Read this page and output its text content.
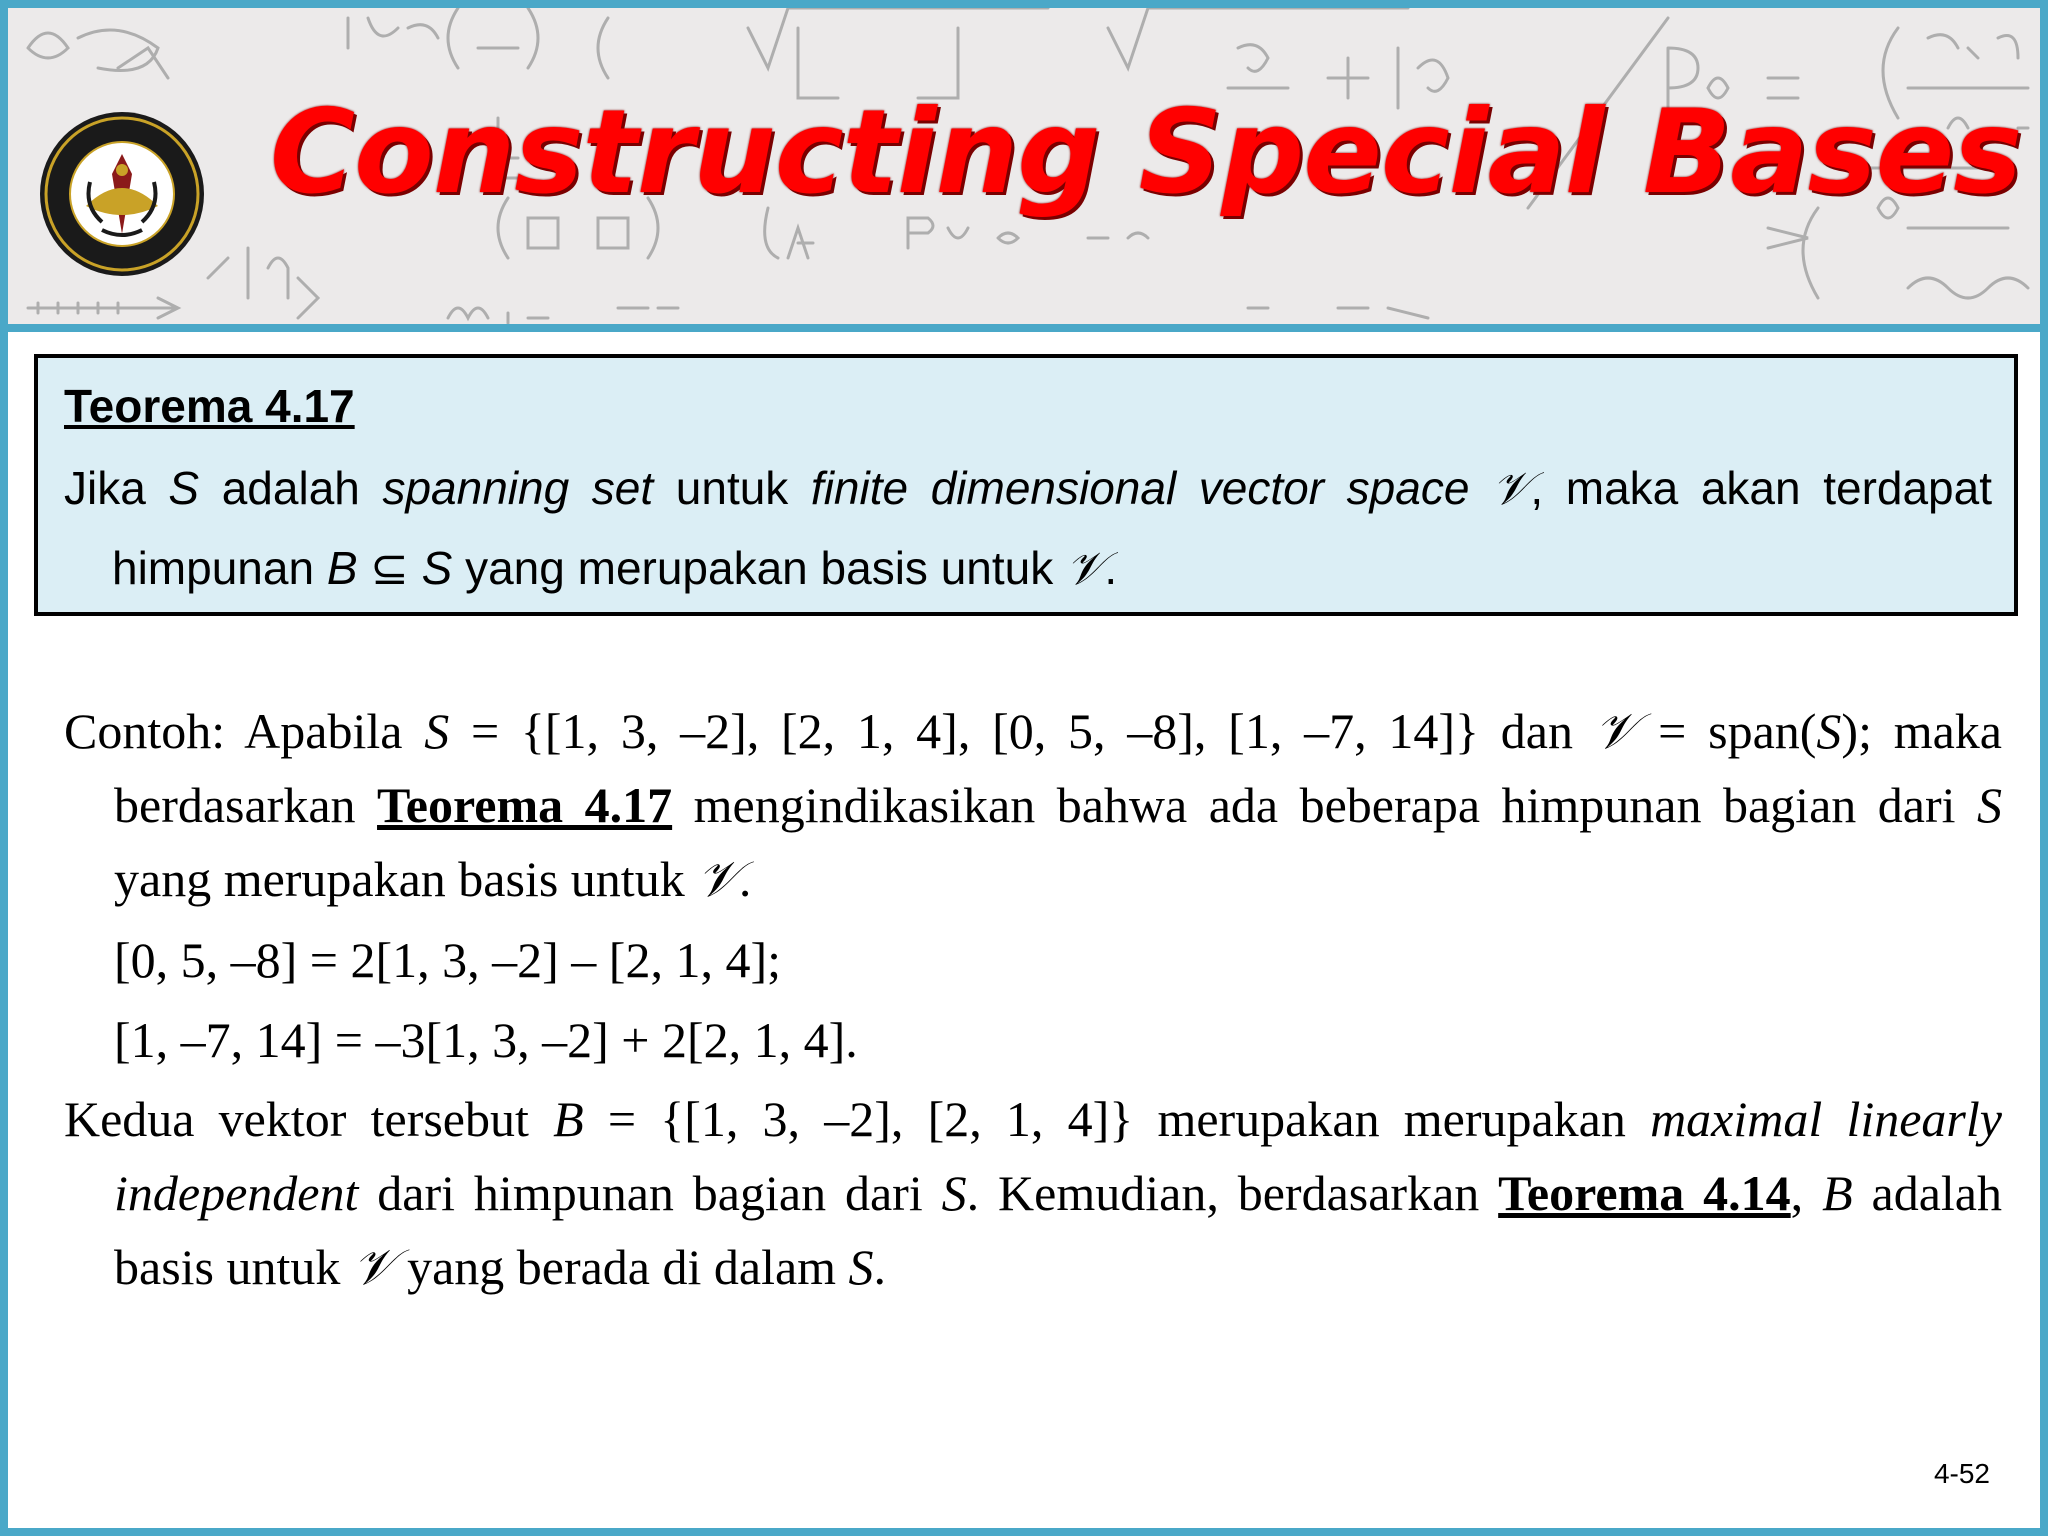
Constructing Special Bases
Teorema 4.17
Jika S adalah spanning set untuk finite dimensional vector space 𝒱, maka akan terdapat himpunan B ⊆ S yang merupakan basis untuk 𝒱.

Contoh: Apabila S = {[1, 3, –2], [2, 1, 4], [0, 5, –8], [1, –7, 14]} dan 𝒱 = span(S); maka berdasarkan Teorema 4.17 mengindikasikan bahwa ada beberapa himpunan bagian dari S yang merupakan basis untuk 𝒱.

[0, 5, –8] = 2[1, 3, –2] – [2, 1, 4];

[1, –7, 14] = –3[1, 3, –2] + 2[2, 1, 4].

Kedua vektor tersebut B = {[1, 3, –2], [2, 1, 4]} merupakan merupakan maximal linearly independent dari himpunan bagian dari S. Kemudian, berdasarkan Teorema 4.14, B adalah basis untuk 𝒱 yang berada di dalam S.

4-52
